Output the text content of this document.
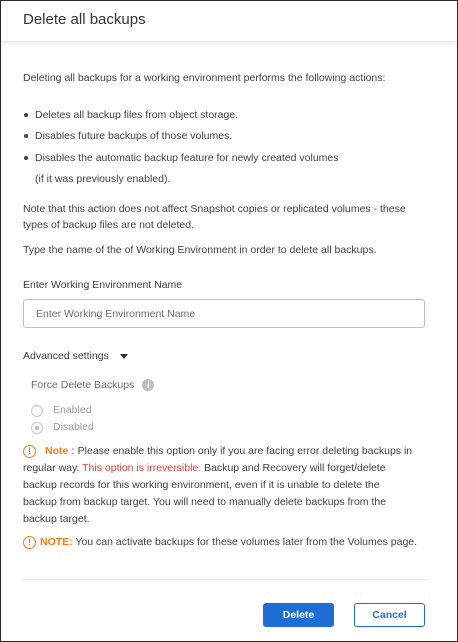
Delete all backups
Deleting all backups for a working environment performs the following actions:
Deletes all backup files from object storage.
Disables future backups of those volumes.
Disables the automatic backup feature for newly created volumes
(if it was previously enabled).
Note that this action does not affect Snapshot copies or replicated volumes - these
types of backup files are not deleted.
Type the name of the of Working Environment in order to delete all backups.
Enter Working Environment Name
Enter Working Environment Name
Advanced settings
Force Delete Backups i
Enabled
Disabled
!	Note : Please enable this option only if you are facing error deleting backups in
regular way. This option is irreversible. Backup and Recovery will forget/delete
backup records for this working environment, even if it is unable to delete the
backup from backup target. You will need to manually delete backups from the
backup target.
! NOTE: You can activate backups for these volumes later from the Volumes page.
Delete	Cancel
